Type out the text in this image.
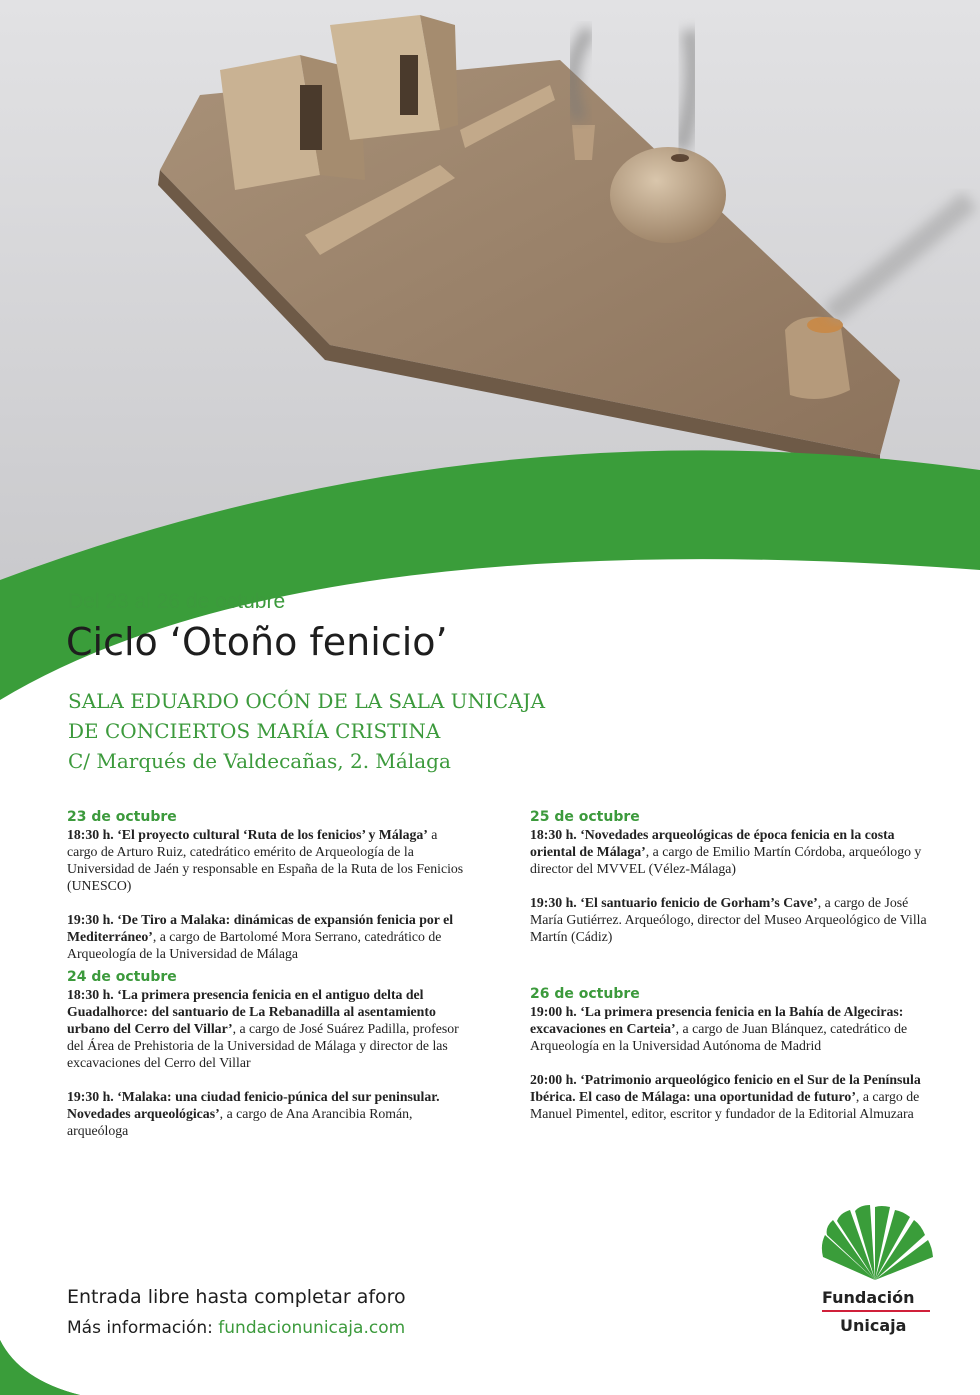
Del 23 al 26 de octubre
Ciclo ‘Otoño fenicio’
SALA EDUARDO OCÓN DE LA SALA UNICAJA
DE CONCIERTOS MARÍA CRISTINA
C/ Marqués de Valdecañas, 2. Málaga
23 de octubre
18:30 h. ‘El proyecto cultural ‘Ruta de los fenicios’ y Málaga’ a cargo de Arturo Ruiz, catedrático emérito de Arqueología de la Universidad de Jaén y responsable en España de la Ruta de los Fenicios (UNESCO)
19:30 h. ‘De Tiro a Malaka: dinámicas de expansión fenicia por el Mediterráneo’, a cargo de Bartolomé Mora Serrano, catedrático de Arqueología de la Universidad de Málaga
24 de octubre
18:30 h. ‘La primera presencia fenicia en el antiguo delta del Guadalhorce: del santuario de La Rebanadilla al asentamiento urbano del Cerro del Villar’, a cargo de José Suárez Padilla, profesor del Área de Prehistoria de la Universidad de Málaga y director de las excavaciones del Cerro del Villar
19:30 h. ‘Malaka: una ciudad fenicio-púnica del sur peninsular. Novedades arqueológicas’, a cargo de Ana Arancibia Román, arqueóloga
25 de octubre
18:30 h. ‘Novedades arqueológicas de época fenicia en la costa oriental de Málaga’, a cargo de Emilio Martín Córdoba, arqueólogo y director del MVVEL (Vélez-Málaga)
19:30 h. ‘El santuario fenicio de Gorham’s Cave’, a cargo de José María Gutiérrez. Arqueólogo, director del Museo Arqueológico de Villa Martín (Cádiz)
26 de octubre
19:00 h. ‘La primera presencia fenicia en la Bahía de Algeciras: excavaciones en Carteia’, a cargo de Juan Blánquez, catedrático de Arqueología en la Universidad Autónoma de Madrid
20:00 h. ‘Patrimonio arqueológico fenicio en el Sur de la Península Ibérica. El caso de Málaga: una oportunidad de futuro’, a cargo de Manuel Pimentel, editor, escritor y fundador de la Editorial Almuzara
Entrada libre hasta completar aforo
Más información: fundacionunicaja.com
Fundación
Unicaja
